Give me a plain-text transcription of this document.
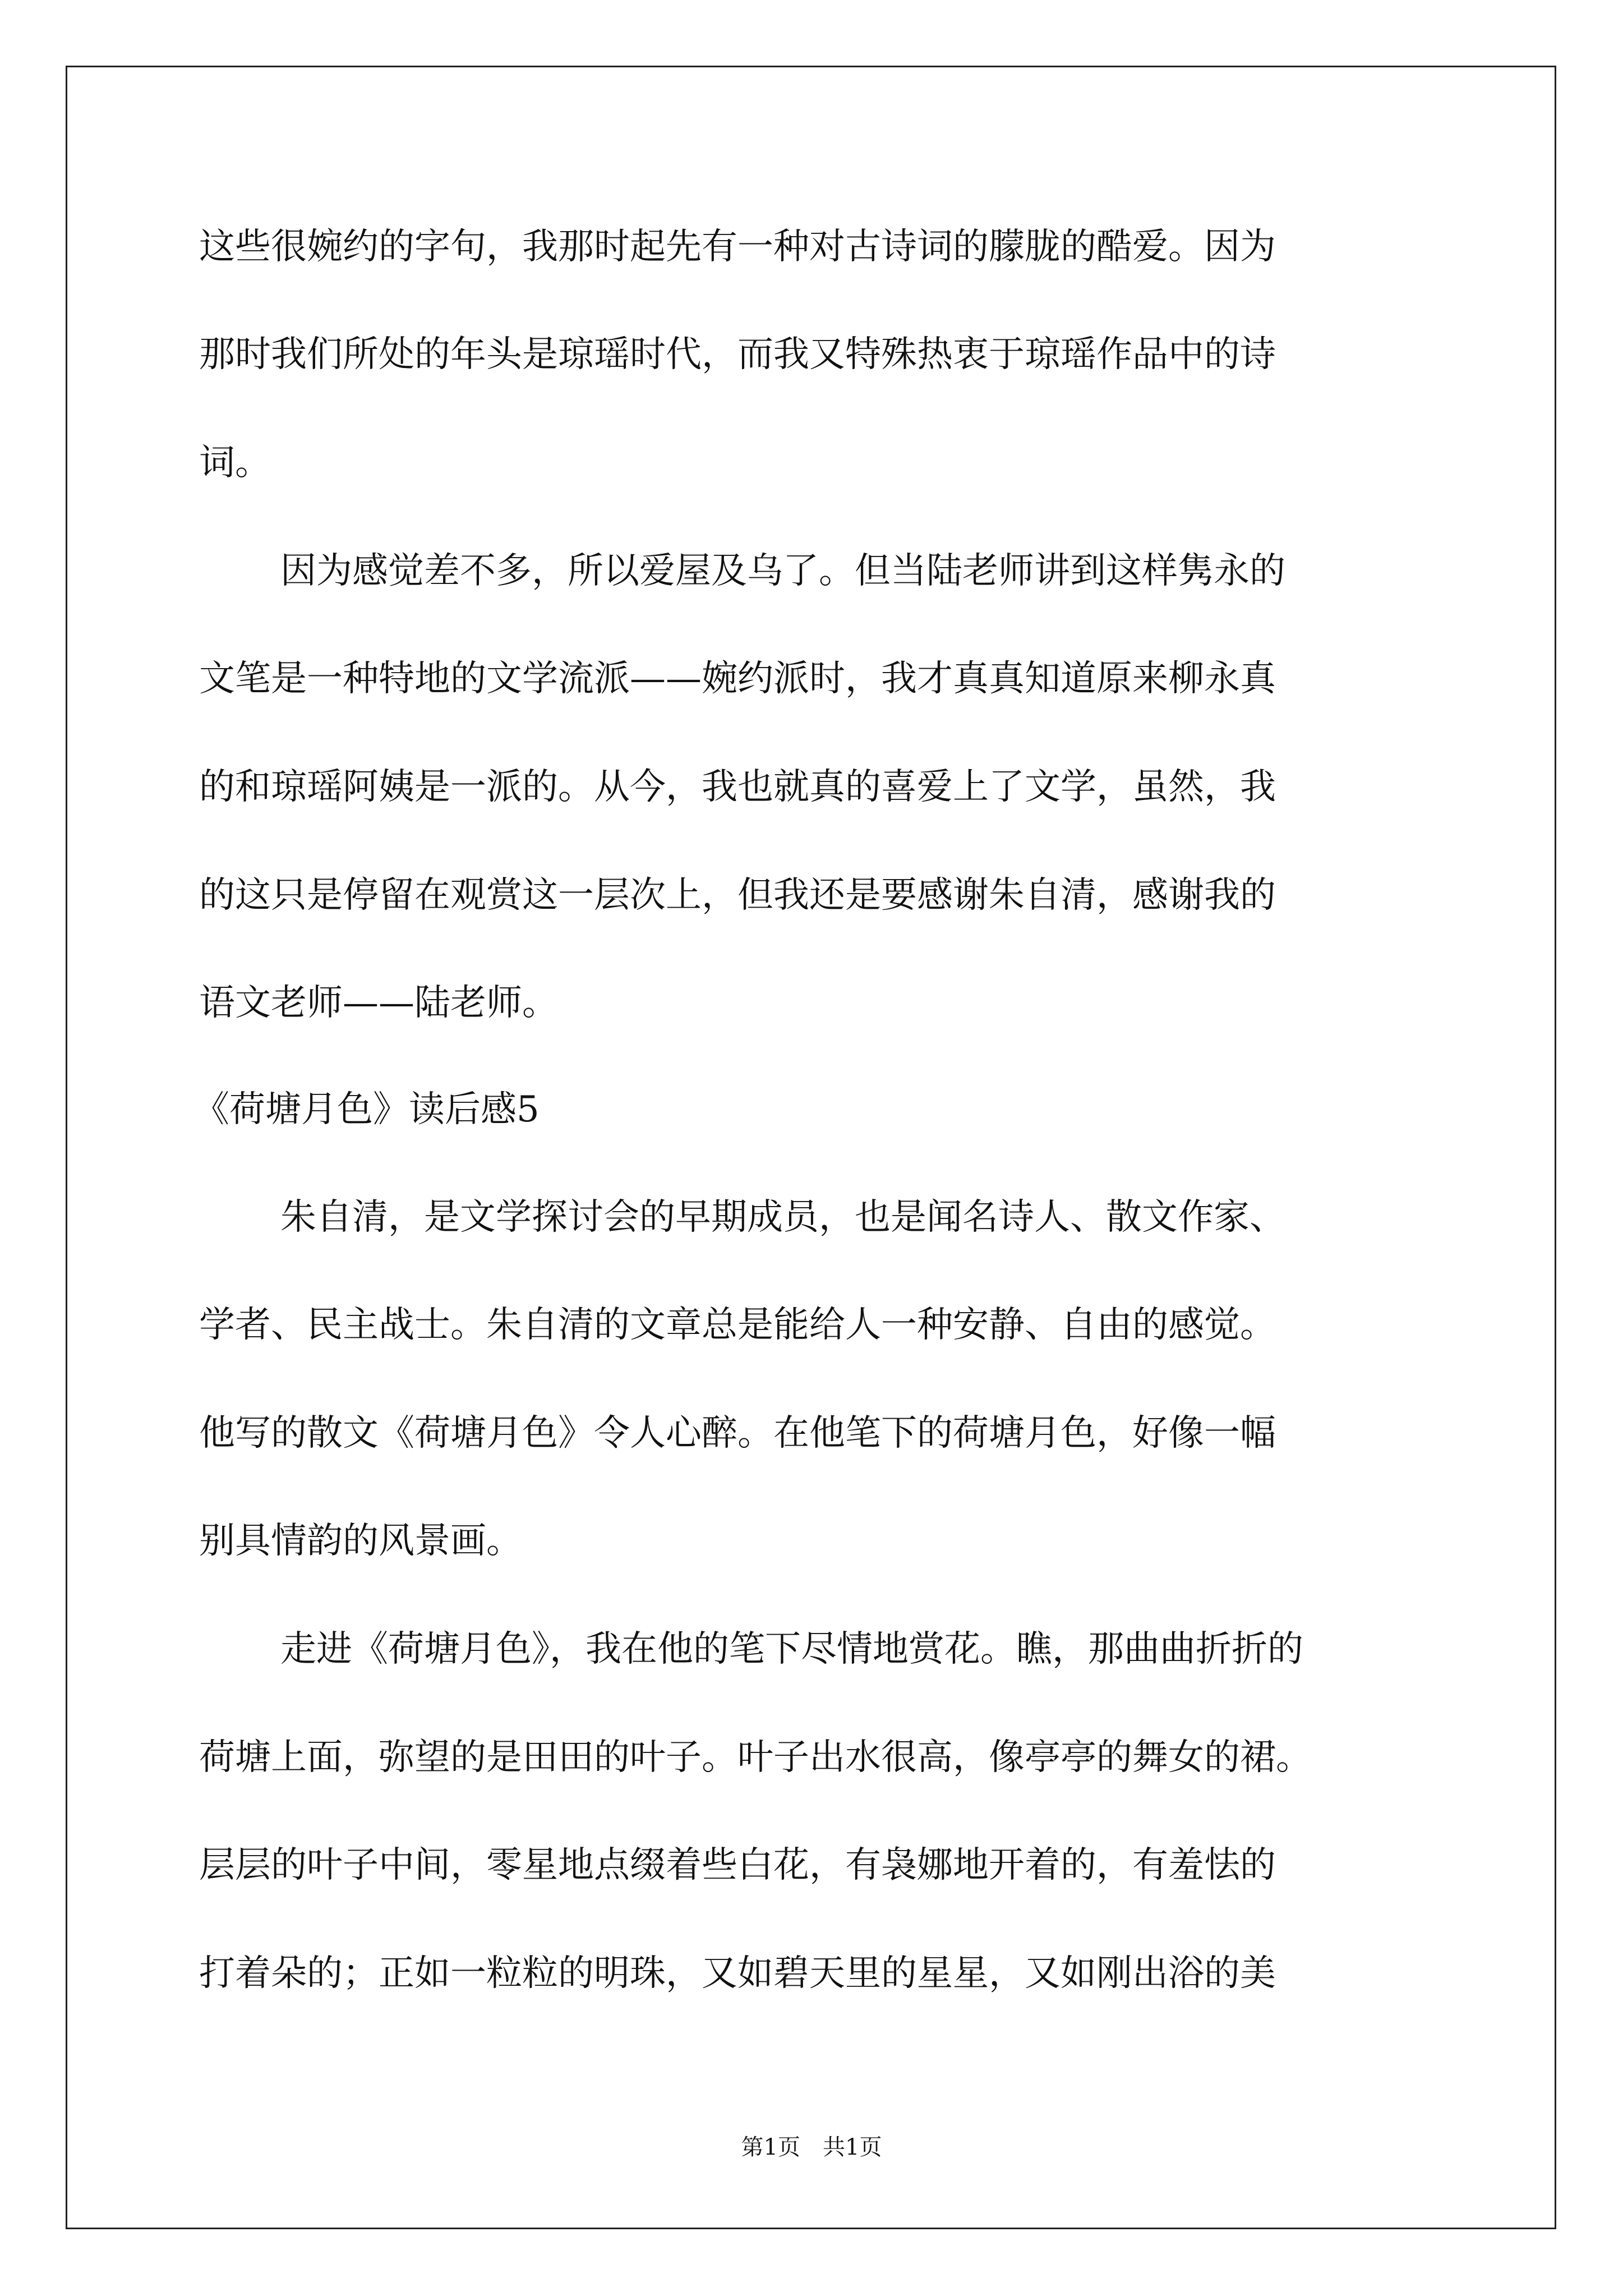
这些很婉约的字句，我那时起先有一种对古诗词的朦胧的酷爱。因为
那时我们所处的年头是琼瑶时代，而我又特殊热衷于琼瑶作品中的诗
词。
因为感觉差不多，所以爱屋及乌了。但当陆老师讲到这样隽永的
文笔是一种特地的文学流派——婉约派时，我才真真知道原来柳永真
的和琼瑶阿姨是一派的。从今，我也就真的喜爱上了文学，虽然，我
的这只是停留在观赏这一层次上，但我还是要感谢朱自清，感谢我的
语文老师——陆老师。
《荷塘月色》读后感5
朱自清，是文学探讨会的早期成员，也是闻名诗人、散文作家、
学者、民主战士。朱自清的文章总是能给人一种安静、自由的感觉。
他写的散文《荷塘月色》令人心醉。在他笔下的荷塘月色，好像一幅
别具情韵的风景画。
走进《荷塘月色》，我在他的笔下尽情地赏花。瞧，那曲曲折折的
荷塘上面，弥望的是田田的叶子。叶子出水很高，像亭亭的舞女的裙。
层层的叶子中间，零星地点缀着些白花，有袅娜地开着的，有羞怯的
打着朵的；正如一粒粒的明珠，又如碧天里的星星，又如刚出浴的美
第1页　共1页
